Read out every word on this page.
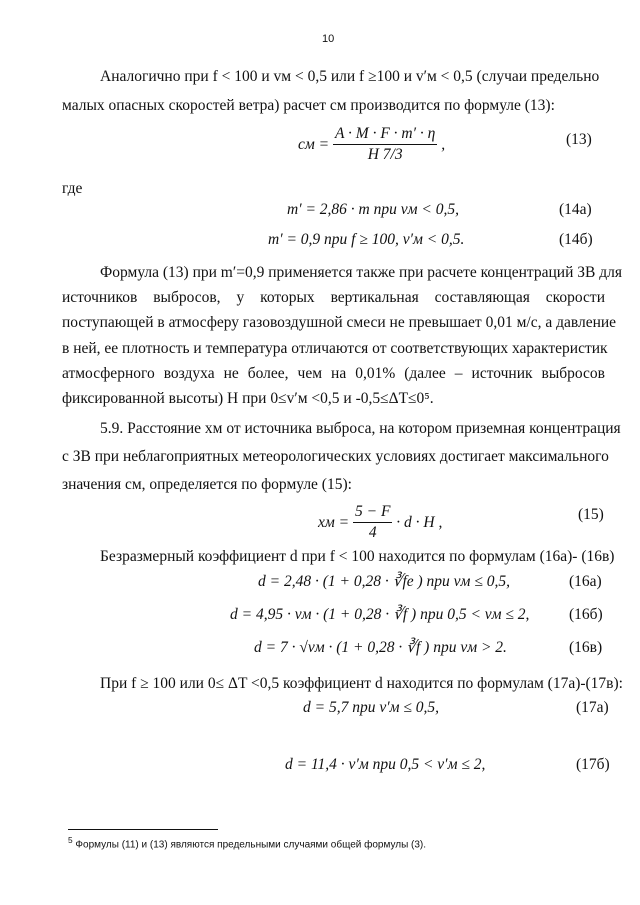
10
Аналогично при f < 100 и vм < 0,5 или f ≥100 и v′м < 0,5 (случаи предельно
малых опасных скоростей ветра) расчет cм производится по формуле (13):
cм = $\frac{A \cdot M \cdot F \cdot m' \cdot \eta}{H 7/3}$ ,	(13)
где
m′ = 2,86 · m при vм < 0,5,	(14а)
m′ = 0,9 при f ≥ 100, v′м < 0,5.	(14б)
Формула (13) при m′=0,9 применяется также при расчете концентраций ЗВ для
источников выбросов, у которых вертикальная составляющая скорости
поступающей в атмосферу газовоздушной смеси не превышает 0,01 м/с, а давление
в ней, ее плотность и температура отличаются от соответствующих характеристик
атмосферного воздуха не более, чем на 0,01% (далее – источник выбросов
фиксированной высоты) H при 0≤v′м <0,5 и -0,5≤ΔT≤0⁵.
5.9. Расстояние xм от источника выброса, на котором приземная концентрация
c ЗВ при неблагоприятных метеорологических условиях достигает максимального
значения cм, определяется по формуле (15):
xм = $\frac{5 - F}{4} \cdot d \cdot H$ ,	(15)
Безразмерный коэффициент d при f < 100 находится по формулам (16а)- (16в)
d = 2,48 · (1 + 0,28 · ∛fe ) при vм ≤ 0,5,	(16а)
d = 4,95 · vм · (1 + 0,28 · ∛f ) при 0,5 < vм ≤ 2,	(16б)
d = 7 · √vм · (1 + 0,28 · ∛f ) при vм > 2.	(16в)
При f ≥ 100 или 0≤ ΔT <0,5 коэффициент d находится по формулам (17а)-(17в):
d = 5,7 при v′м ≤ 0,5,	(17а)
d = 11,4 · v′м при 0,5 < v′м ≤ 2,	(17б)
$^5$ Формулы (11) и (13) являются предельными случаями общей формулы (3).
